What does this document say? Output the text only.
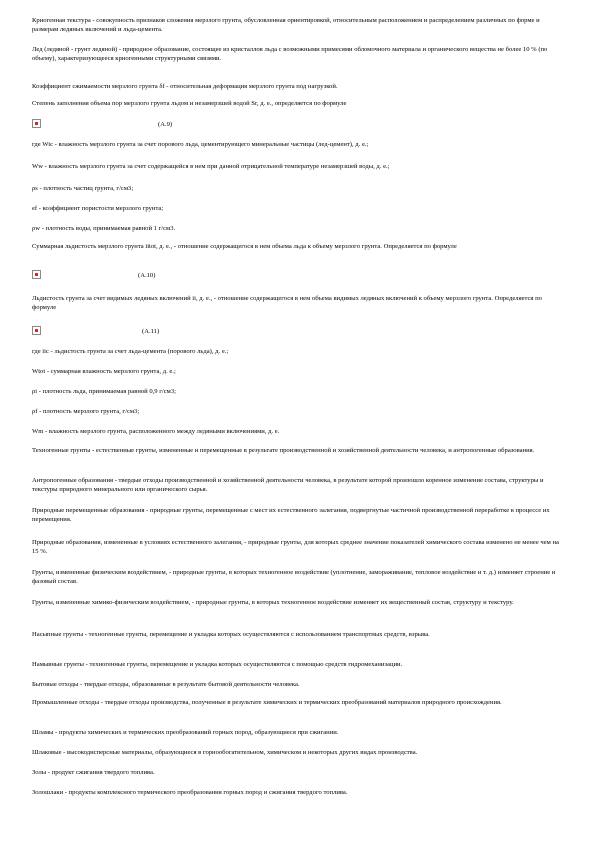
Криогенная текстура - совокупность признаков сложения мерзлого грунта, обусловленная ориентировкой, относительным расположением и распределением различных по форме и размерам ледяных включений и льда-цемента.

Лед (ледяной - грунт ледяной) - природное образование, состоящее из кристаллов льда с возможными примесями обломочного материала и органического вещества не более 10 % (по объему), характеризующееся криогенными структурными связями.

Коэффициент сжимаемости мерзлого грунта δf - относительная деформация мерзлого грунта под нагрузкой.

Степень заполнения объема пор мерзлого грунта льдом и незамерзшей водой Sr, д. е., определяется по формуле

(А.9)

где Wic - влажность мерзлого грунта за счет порового льда, цементирующего минеральные частицы (лед-цемент), д. е.;

Ww - влажность мерзлого грунта за счет содержащейся в нем при данной отрицательной температуре незамерзшей воды, д. е.;

ρs - плотность частиц грунта, г/см3;

ef - коэффициент пористости мерзлого грунта;

ρw - плотность воды, принимаемая равной 1 г/см3.

Суммарная льдистость мерзлого грунта iitot, д. е., - отношение содержащегося в нем объема льда к объему мерзлого грунта. Определяется по формуле

(А.10)

Льдистость грунта за счет видимых ледяных включений ii, д. е., - отношение содержащегося в нем объема видимых ледяных включений к объему мерзлого грунта. Определяется по формуле

(А.11)

где iic - льдистость грунта за счет льда-цемента (порового льда), д. е.;

Wtot - суммарная влажность мерзлого грунта, д. е.;

ρi - плотность льда, принимаемая равной 0,9 г/см3;

ρf - плотность мерзлого грунта, г/см3;

Wm - влажность мерзлого грунта, расположенного между ледяными включениями, д. е.

Техногенные грунты - естественные грунты, измененные и перемещенные в результате производственной и хозяйственной деятельности человека, и антропогенные образования.

Антропогенные образования - твердые отходы производственной и хозяйственной деятельности человека, в результате которой произошло коренное изменение состава, структуры и текстуры природного минерального или органического сырья.

Природные перемещенные образования - природные грунты, перемещенные с мест их естественного залегания, подвергнутые частичной производственной переработке в процессе их перемещения.

Природные образования, измененные в условиях естественного залегания, - природные грунты, для которых среднее значение показателей химического состава изменено не менее чем на 15 %.

Грунты, измененные физическим воздействием, - природные грунты, в которых техногенное воздействие (уплотнение, замораживание, тепловое воздействие и т. д.) изменяет строение и фазовый состав.

Грунты, измененные химико-физическим воздействием, - природные грунты, в которых техногенное воздействие изменяет их вещественный состав, структуру и текстуру.

Насыпные грунты - техногенные грунты, перемещение и укладка которых осуществляются с использованием транспортных средств, взрыва.

Намывные грунты - техногенные грунты, перемещение и укладка которых осуществляются с помощью средств гидромеханизации.

Бытовые отходы - твердые отходы, образованные в результате бытовой деятельности человека.

Промышленные отходы - твердые отходы производства, полученные в результате химических и термических преобразований материалов природного происхождения.

Шламы - продукты химических и термических преобразований горных пород, образующиеся при сжигании.

Шлаковые - высокодисперсные материалы, образующиеся в горнообогатительном, химическом и некоторых других видах производства.

Золы - продукт сжигания твердого топлива.

Золошлаки - продукты комплексного термического преобразования горных пород и сжигания твердого топлива.
